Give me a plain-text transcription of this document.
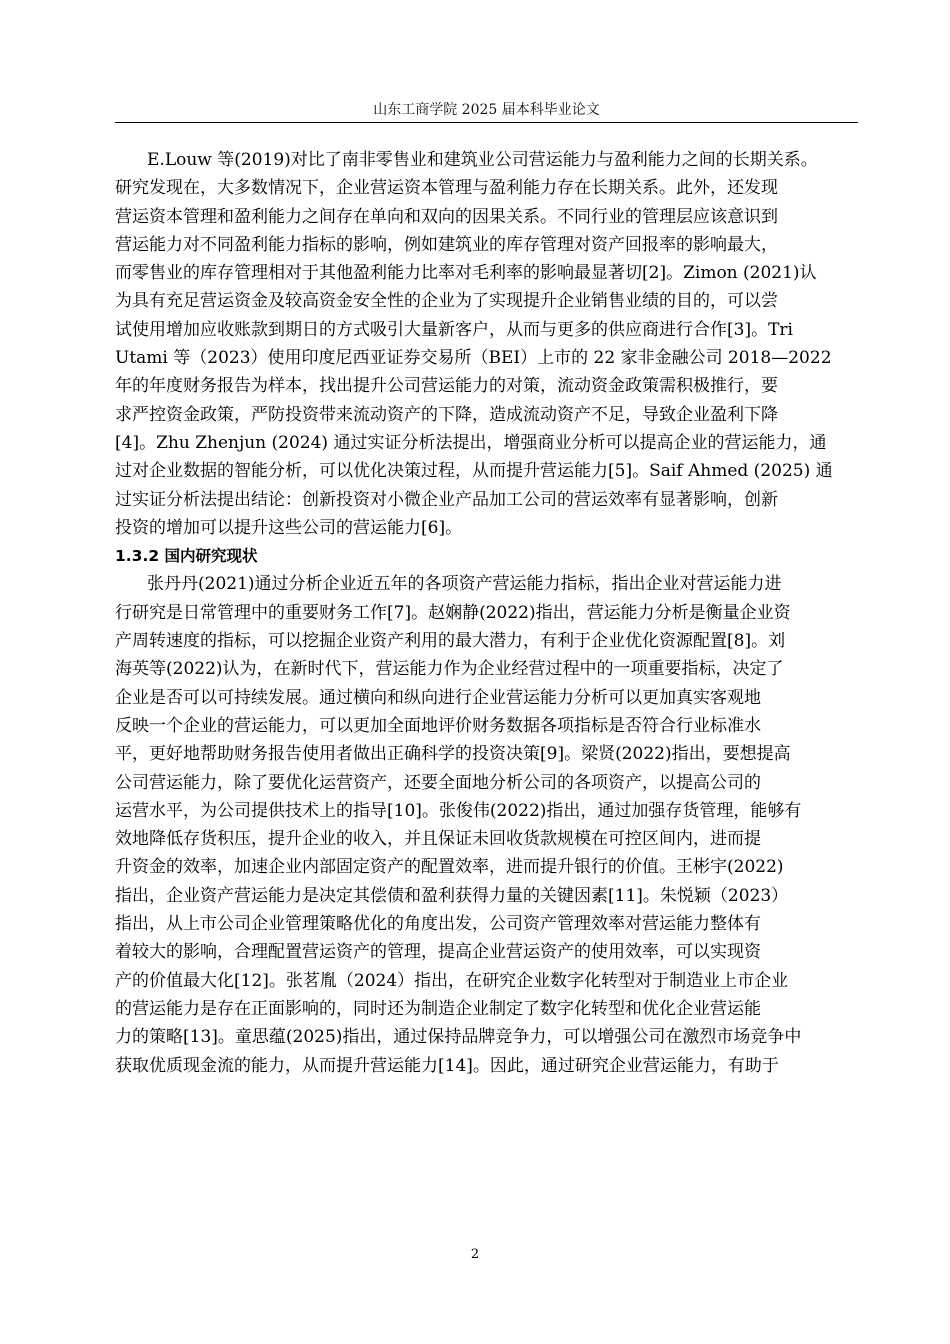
山东工商学院 2025 届本科毕业论文
E.Louw 等(2019)对比了南非零售业和建筑业公司营运能力与盈利能力之间的长期关系。
研究发现在，大多数情况下，企业营运资本管理与盈利能力存在长期关系。此外，还发现
营运资本管理和盈利能力之间存在单向和双向的因果关系。不同行业的管理层应该意识到
营运能力对不同盈利能力指标的影响，例如建筑业的库存管理对资产回报率的影响最大，
而零售业的库存管理相对于其他盈利能力比率对毛利率的影响最显著切[2]。Zimon (2021)认
为具有充足营运资金及较高资金安全性的企业为了实现提升企业销售业绩的目的，可以尝
试使用增加应收账款到期日的方式吸引大量新客户，从而与更多的供应商进行合作[3]。Tri
Utami 等（2023）使用印度尼西亚证券交易所（BEI）上市的 22 家非金融公司 2018—2022
年的年度财务报告为样本，找出提升公司营运能力的对策，流动资金政策需积极推行，要
求严控资金政策，严防投资带来流动资产的下降，造成流动资产不足，导致企业盈利下降
[4]。Zhu Zhenjun (2024) 通过实证分析法提出，增强商业分析可以提高企业的营运能力，通
过对企业数据的智能分析，可以优化决策过程，从而提升营运能力[5]。Saif Ahmed (2025) 通
过实证分析法提出结论：创新投资对小微企业产品加工公司的营运效率有显著影响，创新
投资的增加可以提升这些公司的营运能力[6]。
1.3.2 国内研究现状
张丹丹(2021)通过分析企业近五年的各项资产营运能力指标，指出企业对营运能力进
行研究是日常管理中的重要财务工作[7]。赵娴静(2022)指出，营运能力分析是衡量企业资
产周转速度的指标，可以挖掘企业资产利用的最大潜力，有利于企业优化资源配置[8]。刘
海英等(2022)认为，在新时代下，营运能力作为企业经营过程中的一项重要指标，决定了
企业是否可以可持续发展。通过横向和纵向进行企业营运能力分析可以更加真实客观地
反映一个企业的营运能力，可以更加全面地评价财务数据各项指标是否符合行业标准水
平，更好地帮助财务报告使用者做出正确科学的投资决策[9]。梁贤(2022)指出，要想提高
公司营运能力，除了要优化运营资产，还要全面地分析公司的各项资产，以提高公司的
运营水平，为公司提供技术上的指导[10]。张俊伟(2022)指出，通过加强存货管理，能够有
效地降低存货积压，提升企业的收入，并且保证未回收货款规模在可控区间内，进而提
升资金的效率，加速企业内部固定资产的配置效率，进而提升银行的价值。王彬宇(2022)
指出，企业资产营运能力是决定其偿债和盈利获得力量的关键因素[11]。朱悦颖（2023）
指出，从上市公司企业管理策略优化的角度出发，公司资产管理效率对营运能力整体有
着较大的影响，合理配置营运资产的管理，提高企业营运资产的使用效率，可以实现资
产的价值最大化[12]。张茗胤（2024）指出，在研究企业数字化转型对于制造业上市企业
的营运能力是存在正面影响的，同时还为制造企业制定了数字化转型和优化企业营运能
力的策略[13]。童思蕴(2025)指出，通过保持品牌竞争力，可以增强公司在激烈市场竞争中
获取优质现金流的能力，从而提升营运能力[14]。因此，通过研究企业营运能力，有助于
2
